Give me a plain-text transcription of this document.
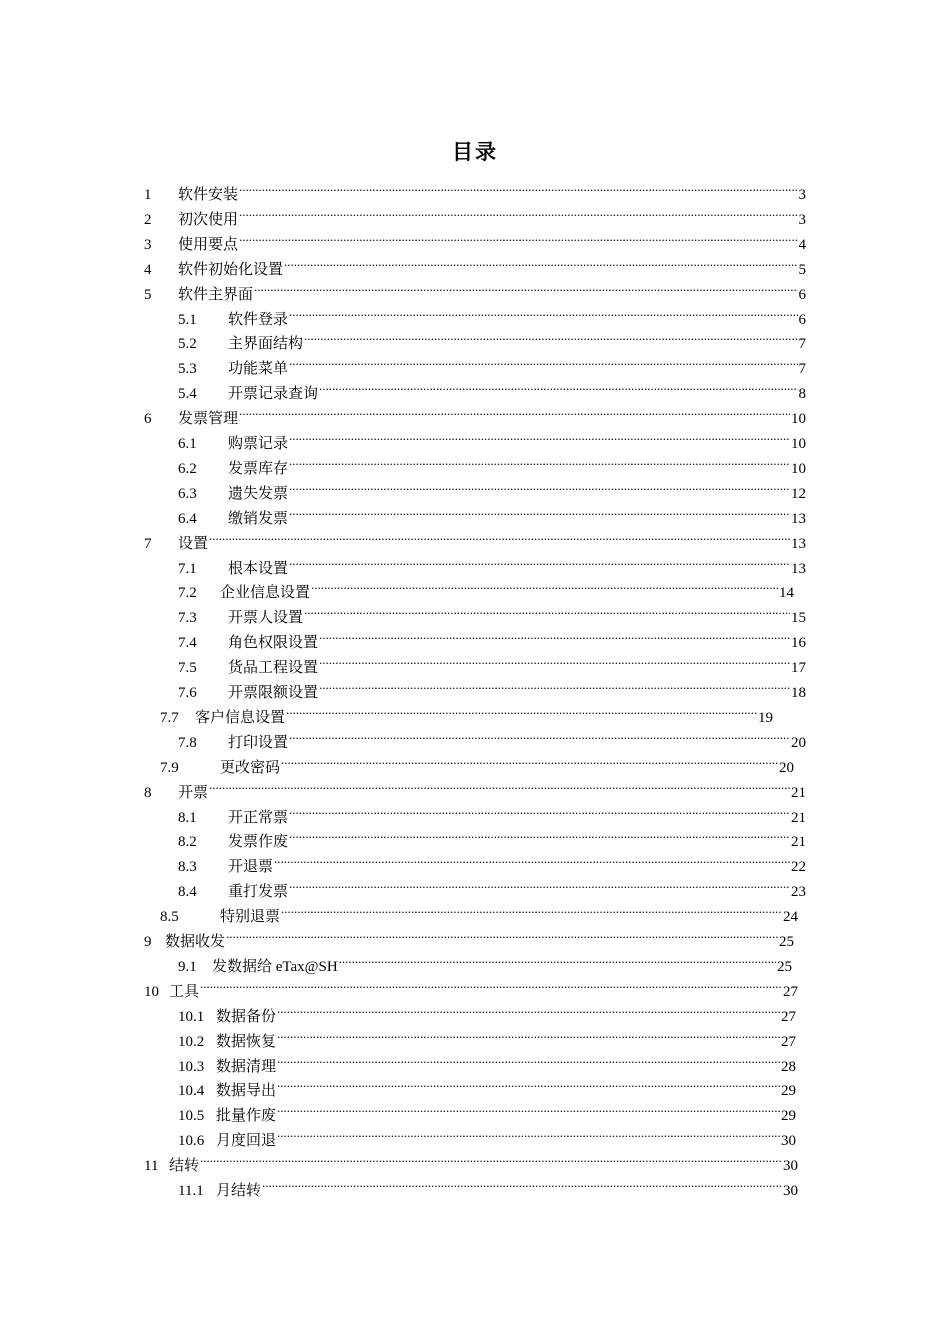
目录
1	软件安装 .....	3
2	初次使用 .....	3
3	使用要点 .....	4
4	软件初始化设置 .....	5
5	软件主界面 .....	6
5.1	软件登录 .....	6
5.2	主界面结构 .....	7
5.3	功能菜单 .....	7
5.4	开票记录查询 .....	8
6	发票管理 .....	10
6.1	购票记录 .....	10
6.2	发票库存 .....	10
6.3	遗失发票 .....	12
6.4	缴销发票 .....	13
7	设置 .....	13
7.1	根本设置 .....	13
7.2	企业信息设置 .....	14
7.3	开票人设置 .....	15
7.4	角色权限设置 .....	16
7.5	货品工程设置 .....	17
7.6	开票限额设置 .....	18
7.7	客户信息设置 .....	19
7.8	打印设置 .....	20
7.9	更改密码 .....	20
8	开票 .....	21
8.1	开正常票 .....	21
8.2	发票作废 .....	21
8.3	开退票 .....	22
8.4	重打发票 .....	23
8.5	特别退票 .....	24
9 数据收发 .....	25
9.1	发数据给 eTax@SH .....	25
10 工具 .....	27
10.1 数据备份 .....	27
10.2 数据恢复 .....	27
10.3 数据清理 .....	28
10.4 数据导出 .....	29
10.5 批量作废 .....	29
10.6 月度回退 .....	30
11 结转 .....	30
11.1 月结转 .....	30
